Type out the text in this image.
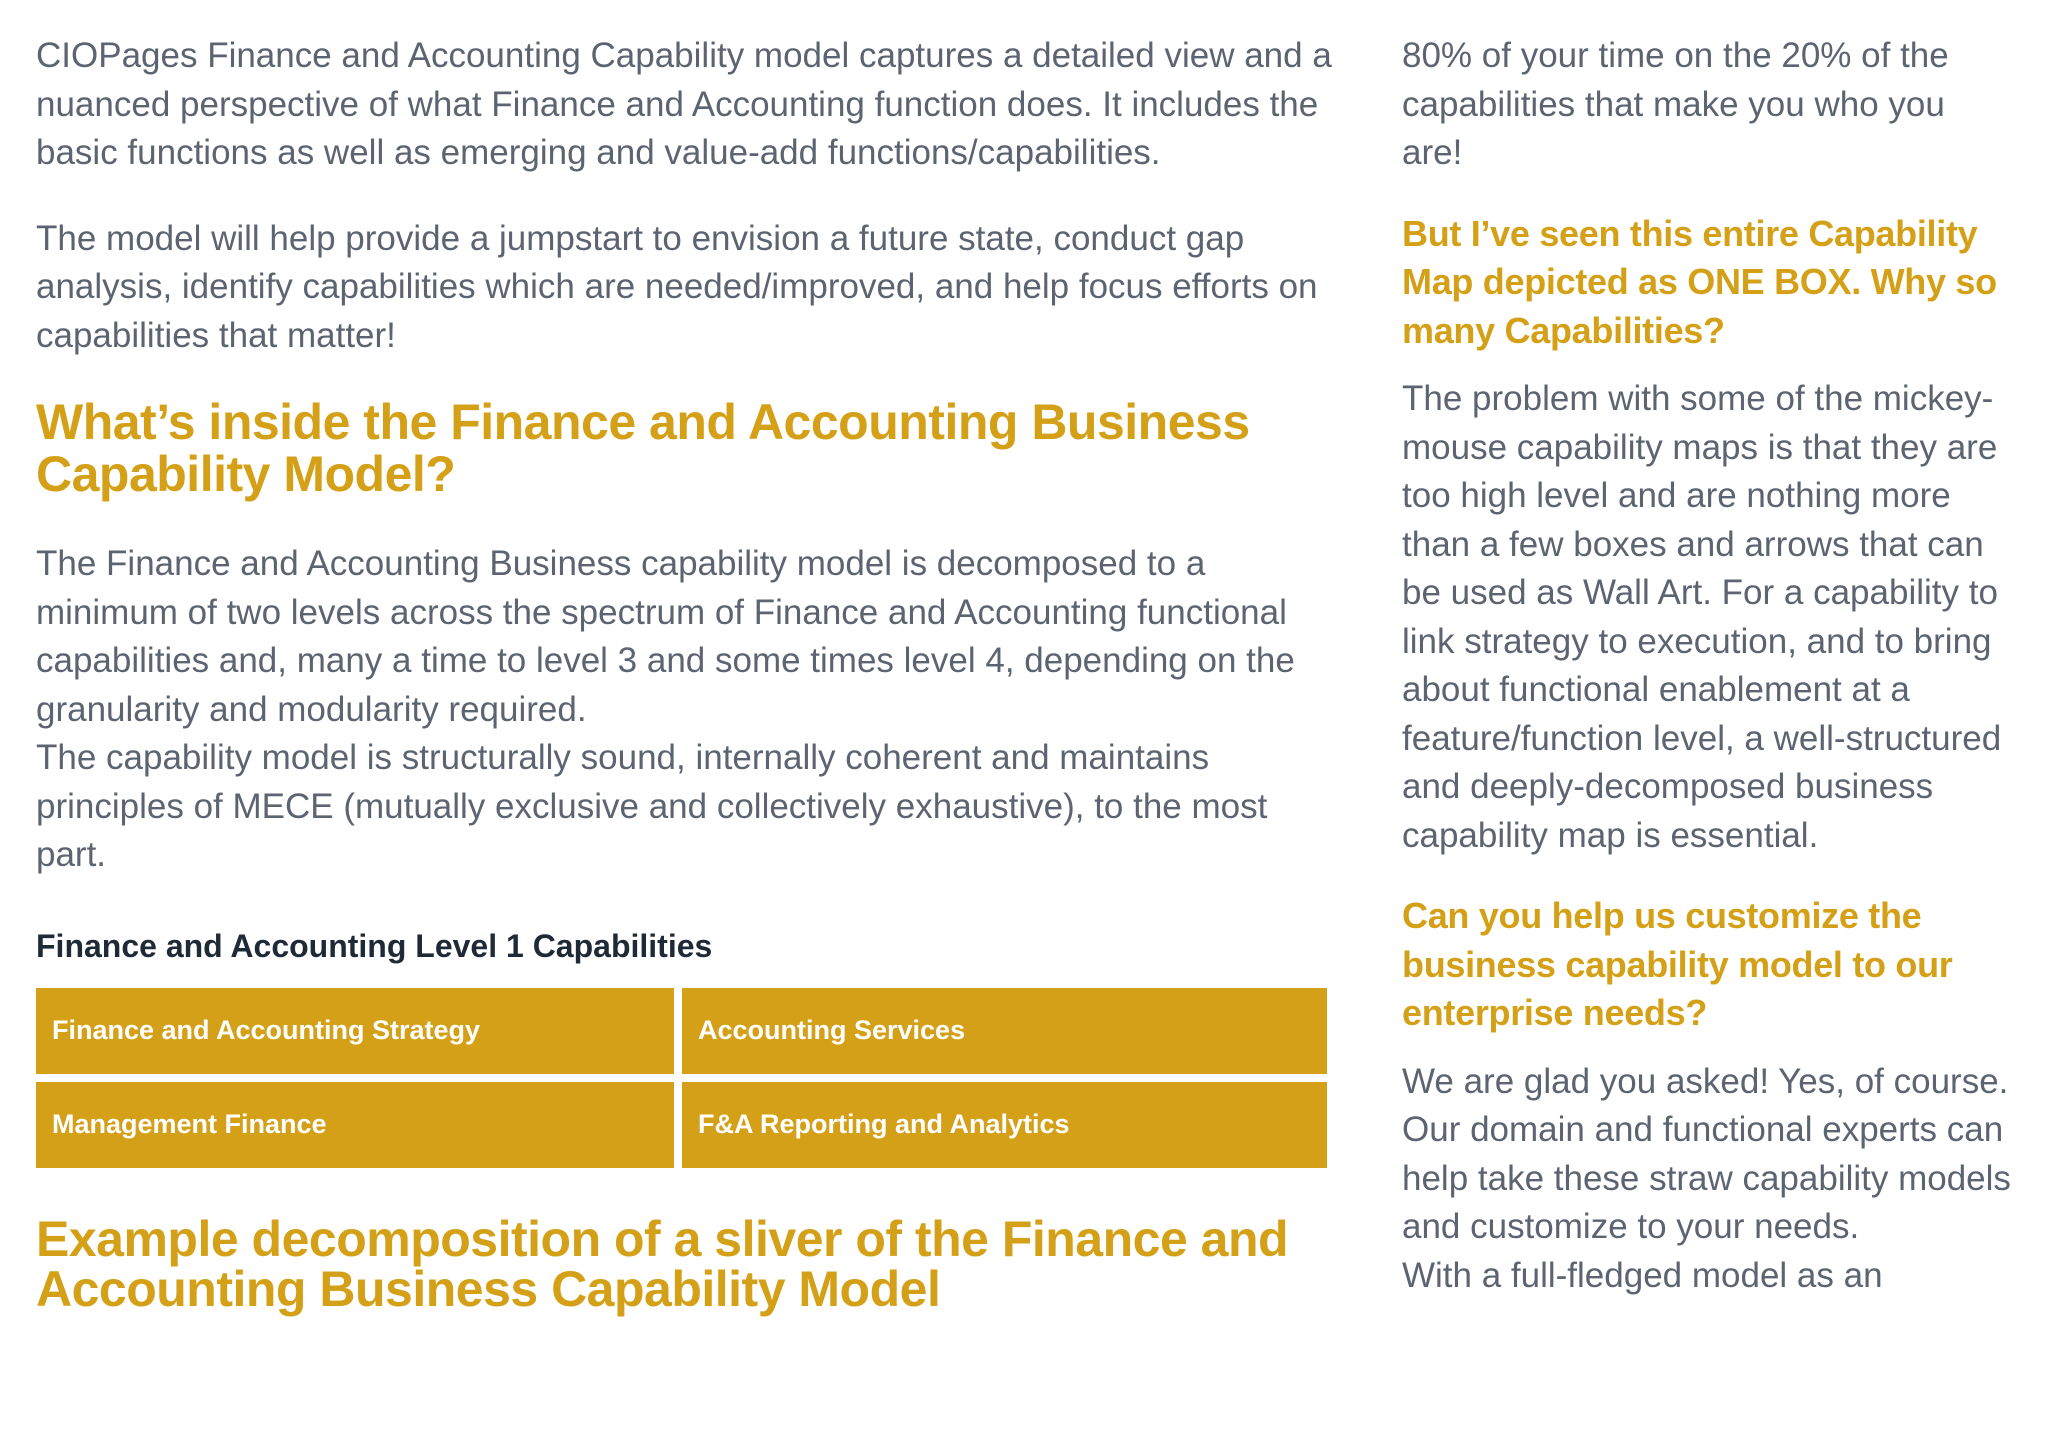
CIOPages Finance and Accounting Capability model captures a detailed view and a nuanced perspective of what Finance and Accounting function does. It includes the basic functions as well as emerging and value-add functions/capabilities.

The model will help provide a jumpstart to envision a future state, conduct gap analysis, identify capabilities which are needed/improved, and help focus efforts on capabilities that matter!

What’s inside the Finance and Accounting Business Capability Model?

The Finance and Accounting Business capability model is decomposed to a minimum of two levels across the spectrum of Finance and Accounting functional capabilities and, many a time to level 3 and some times level 4, depending on the granularity and modularity required.

The capability model is structurally sound, internally coherent and maintains principles of MECE (mutually exclusive and collectively exhaustive), to the most part.

Finance and Accounting Level 1 Capabilities
Finance and Accounting Strategy	Accounting Services
Management Finance	F&A Reporting and Analytics
Example decomposition of a sliver of the Finance and Accounting Business Capability Model

80% of your time on the 20% of the capabilities that make you who you are!

But I’ve seen this entire Capability Map depicted as ONE BOX. Why so many Capabilities?

The problem with some of the mickey-mouse capability maps is that they are too high level and are nothing more than a few boxes and arrows that can be used as Wall Art. For a capability to link strategy to execution, and to bring about functional enablement at a feature/function level, a well-structured and deeply-decomposed business capability map is essential.

Can you help us customize the business capability model to our enterprise needs?

We are glad you asked! Yes, of course. Our domain and functional experts can help take these straw capability models and customize to your needs.

With a full-fledged model as an
